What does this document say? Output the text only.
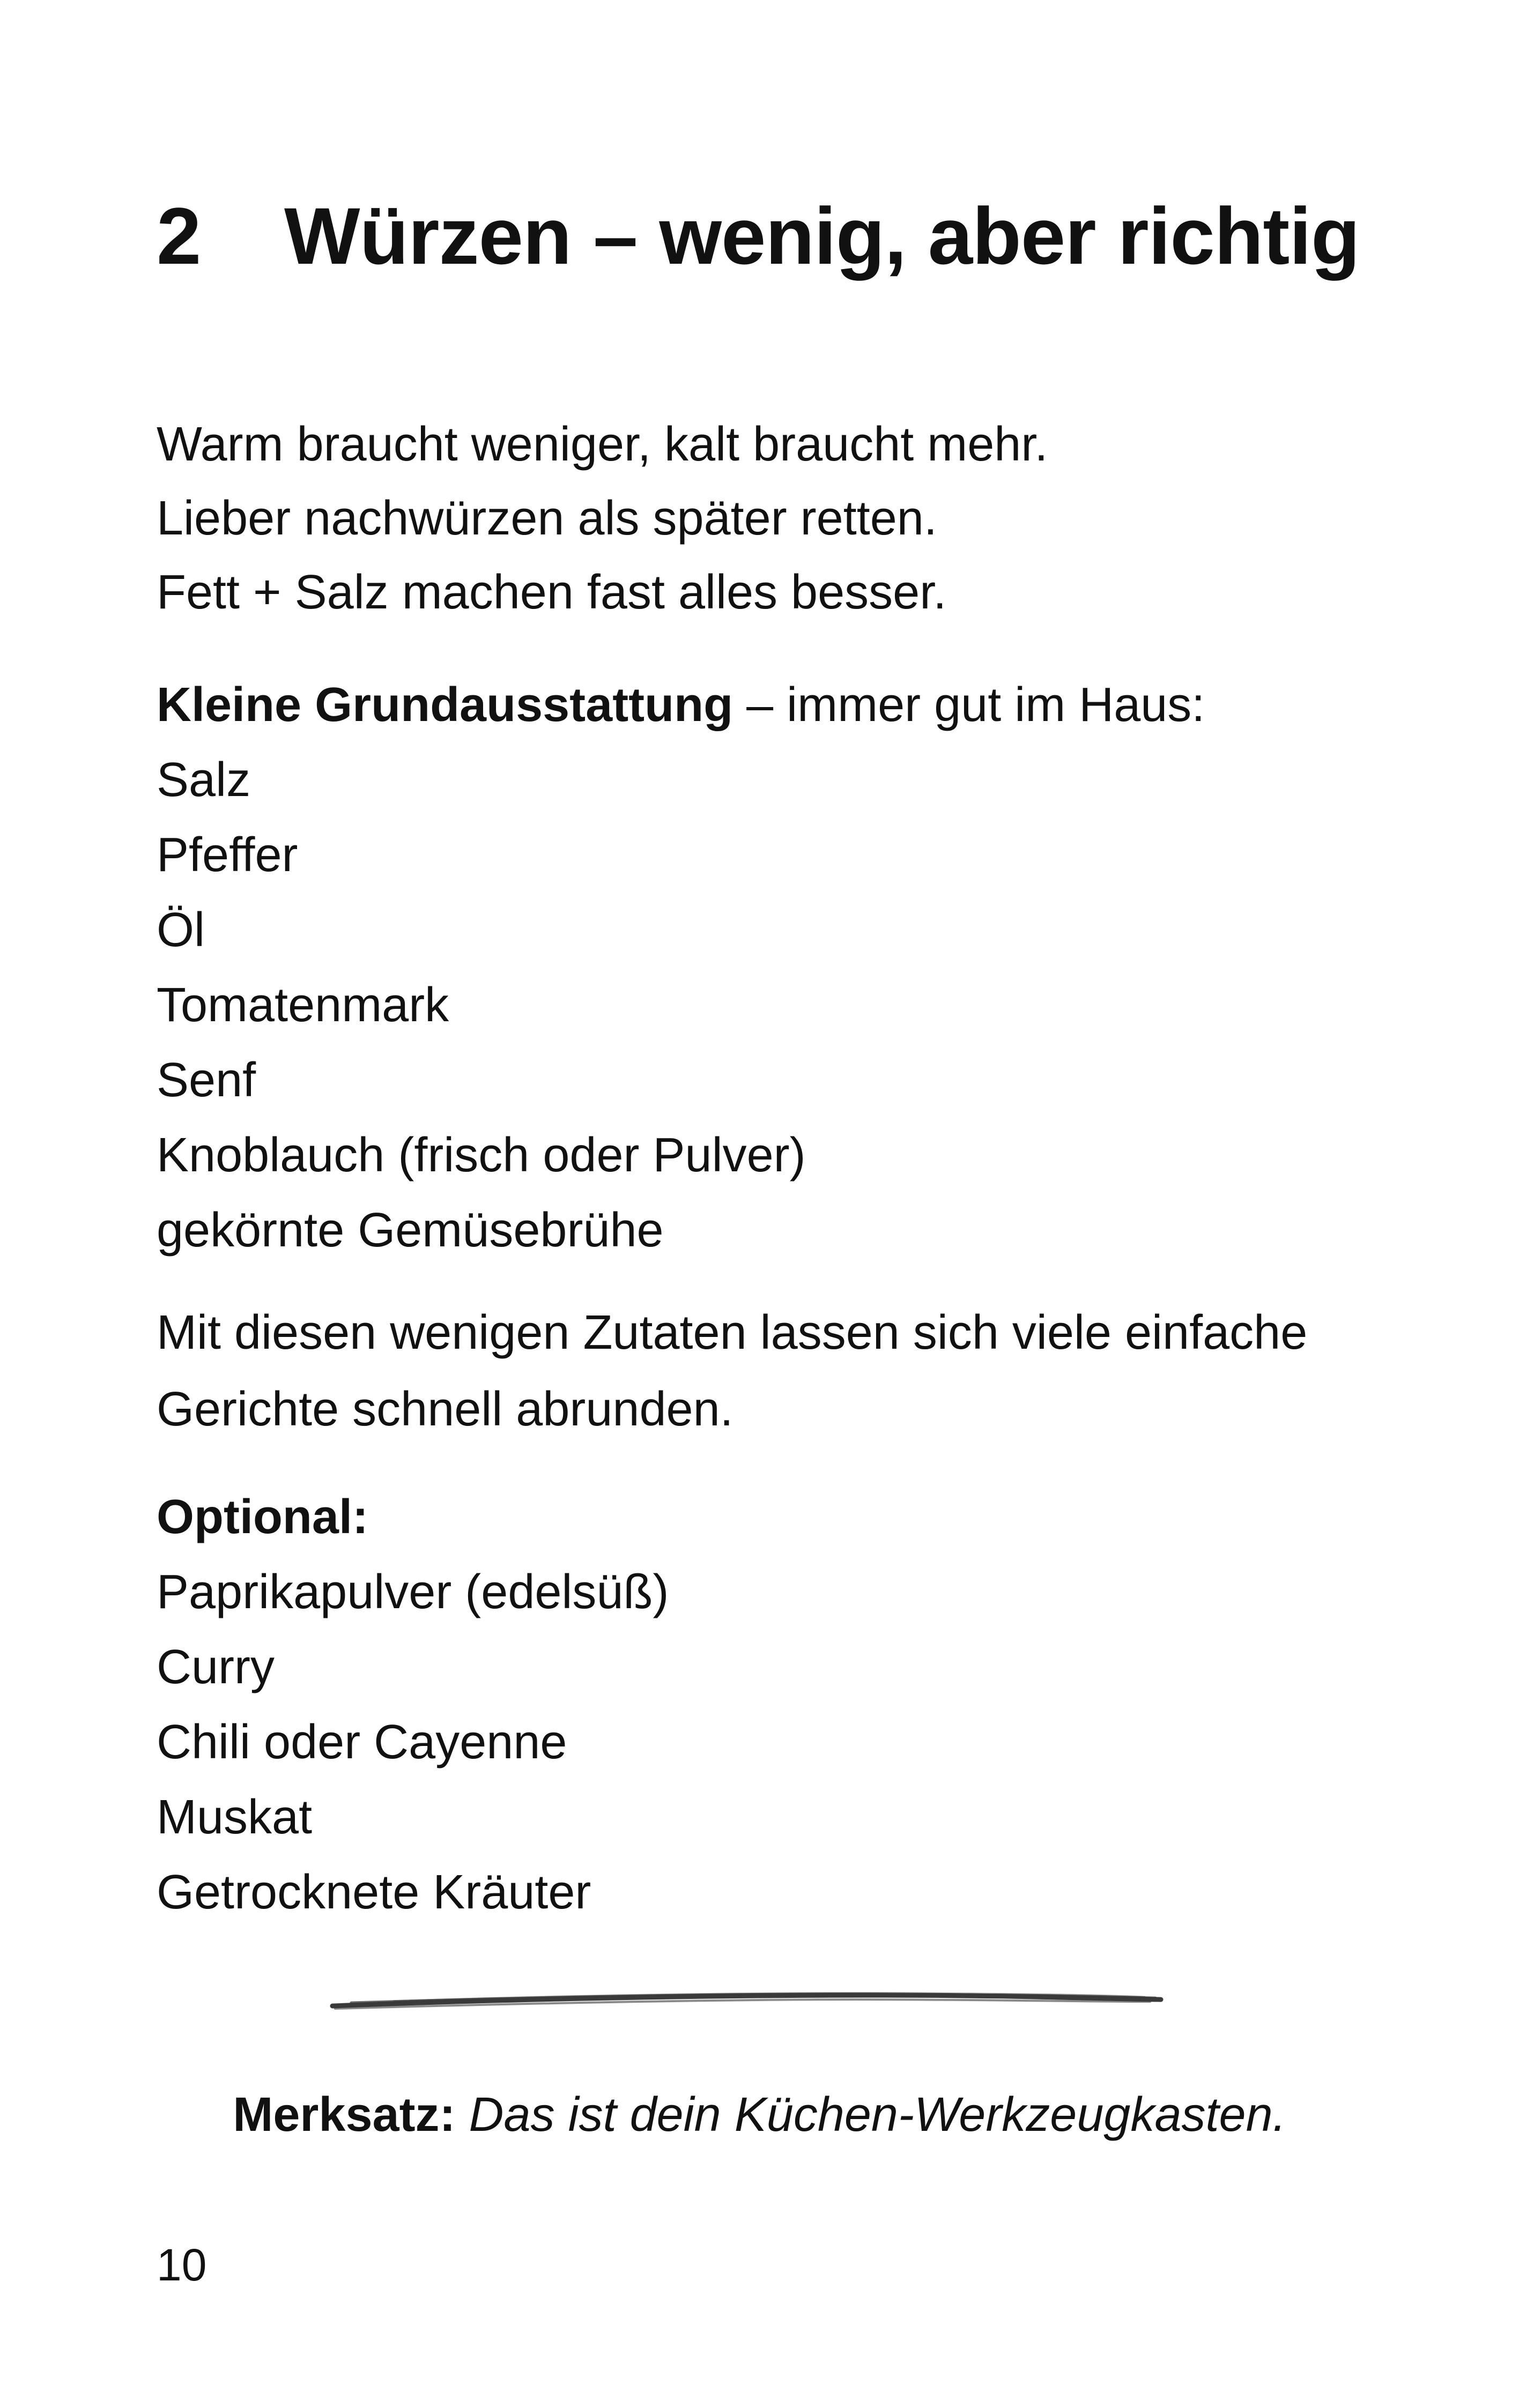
2 Würzen – wenig, aber richtig
Warm braucht weniger, kalt braucht mehr.
Lieber nachwürzen als später retten.
Fett + Salz machen fast alles besser.
Kleine Grundausstattung – immer gut im Haus:
Salz
Pfeffer
Öl
Tomatenmark
Senf
Knoblauch (frisch oder Pulver)
gekörnte Gemüsebrühe
Mit diesen wenigen Zutaten lassen sich viele einfache
Gerichte schnell abrunden.
Optional:
Paprikapulver (edelsüß)
Curry
Chili oder Cayenne
Muskat
Getrocknete Kräuter

Merksatz: Das ist dein Küchen-Werkzeugkasten.

10
